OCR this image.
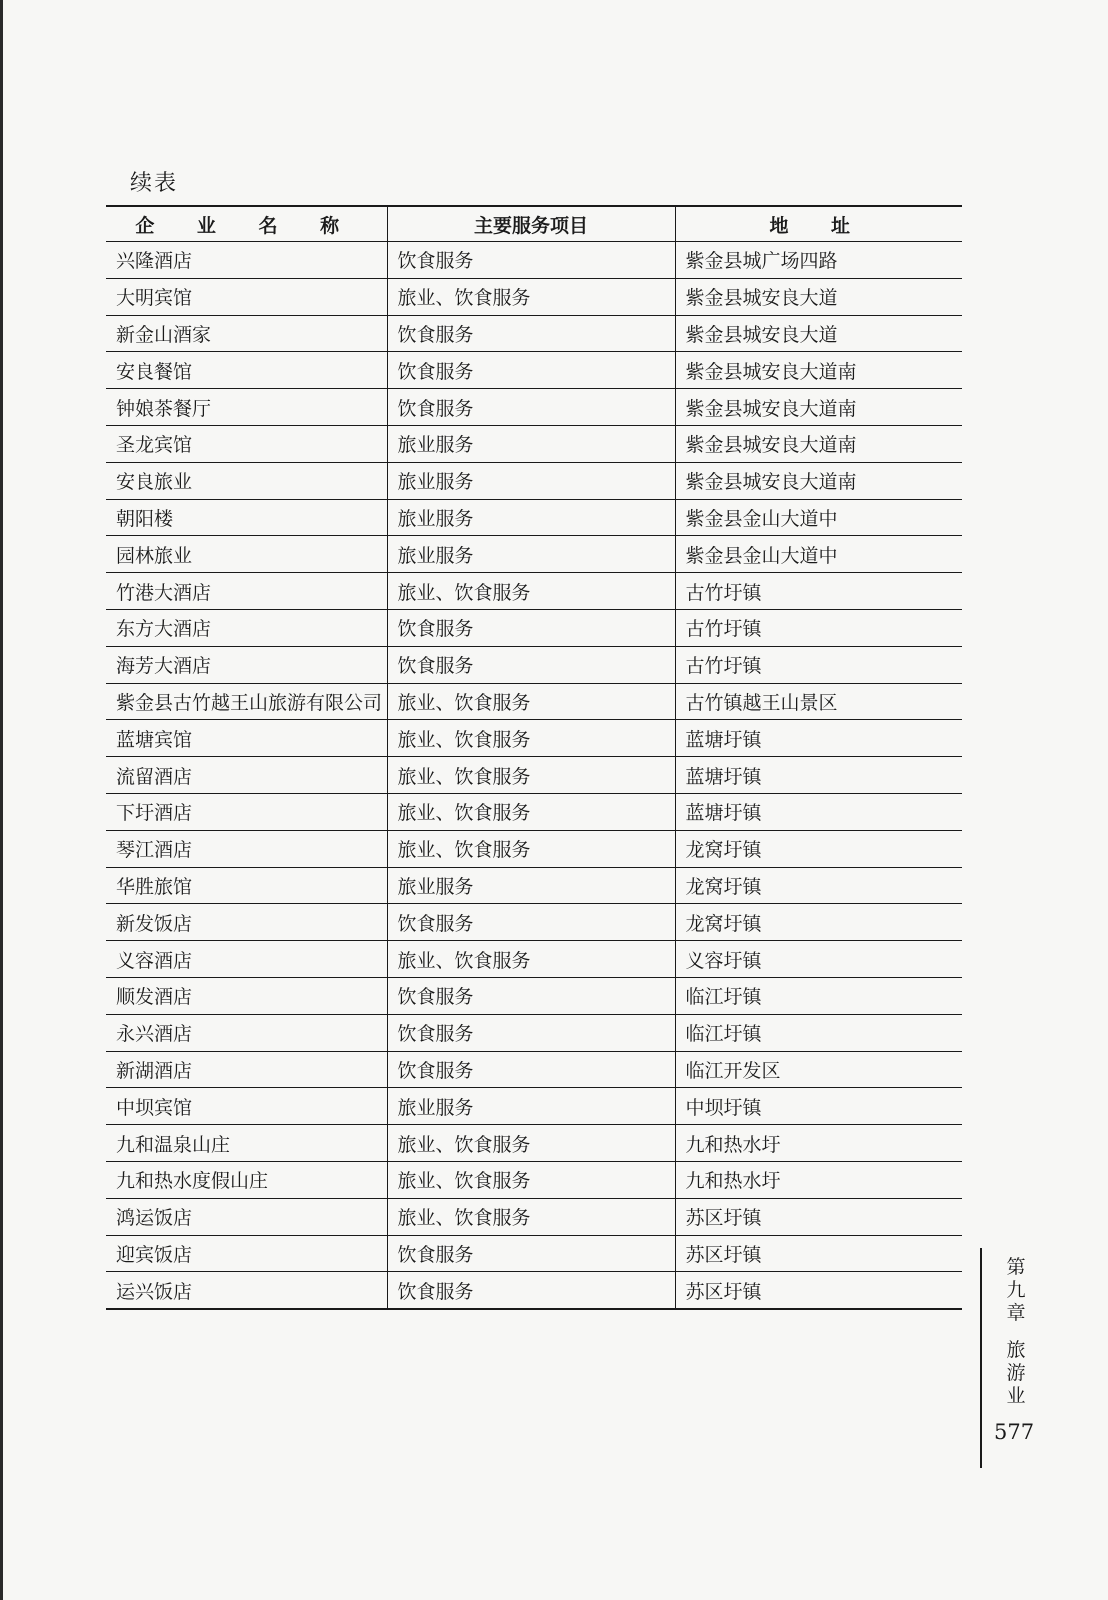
续表
企 业 名 称	主要服务项目	地 址
兴隆酒店	饮食服务	紫金县城广场四路
大明宾馆	旅业、饮食服务	紫金县城安良大道
新金山酒家	饮食服务	紫金县城安良大道
安良餐馆	饮食服务	紫金县城安良大道南
钟娘茶餐厅	饮食服务	紫金县城安良大道南
圣龙宾馆	旅业服务	紫金县城安良大道南
安良旅业	旅业服务	紫金县城安良大道南
朝阳楼	旅业服务	紫金县金山大道中
园林旅业	旅业服务	紫金县金山大道中
竹港大酒店	旅业、饮食服务	古竹圩镇
东方大酒店	饮食服务	古竹圩镇
海芳大酒店	饮食服务	古竹圩镇
紫金县古竹越王山旅游有限公司	旅业、饮食服务	古竹镇越王山景区
蓝塘宾馆	旅业、饮食服务	蓝塘圩镇
流留酒店	旅业、饮食服务	蓝塘圩镇
下圩酒店	旅业、饮食服务	蓝塘圩镇
琴江酒店	旅业、饮食服务	龙窝圩镇
华胜旅馆	旅业服务	龙窝圩镇
新发饭店	饮食服务	龙窝圩镇
义容酒店	旅业、饮食服务	义容圩镇
顺发酒店	饮食服务	临江圩镇
永兴酒店	饮食服务	临江圩镇
新湖酒店	饮食服务	临江开发区
中坝宾馆	旅业服务	中坝圩镇
九和温泉山庄	旅业、饮食服务	九和热水圩
九和热水度假山庄	旅业、饮食服务	九和热水圩
鸿运饭店	旅业、饮食服务	苏区圩镇
迎宾饭店	饮食服务	苏区圩镇
运兴饭店	饮食服务	苏区圩镇
第九章
旅游业
577
